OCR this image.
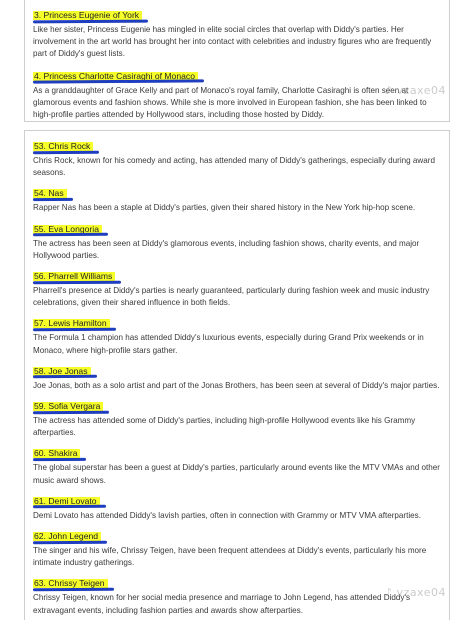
3. Princess Eugenie of York

Like her sister, Princess Eugenie has mingled in elite social circles that overlap with Diddy's parties. Her involvement in the art world has brought her into contact with celebrities and industry figures who are frequently part of Diddy's guest lists.

4. Princess Charlotte Casiraghi of Monaco

As a granddaughter of Grace Kelly and part of Monaco's royal family, Charlotte Casiraghi is often seen at glamorous events and fashion shows. While she is more involved in European fashion, she has been linked to high-profile parties attended by Hollywood stars, including those hosted by Diddy.

53. Chris Rock

Chris Rock, known for his comedy and acting, has attended many of Diddy's gatherings, especially during award seasons.

54. Nas

Rapper Nas has been a staple at Diddy's parties, given their shared history in the New York hip-hop scene.

55. Eva Longoria

The actress has been seen at Diddy's glamorous events, including fashion shows, charity events, and major Hollywood parties.

56. Pharrell Williams

Pharrell's presence at Diddy's parties is nearly guaranteed, particularly during fashion week and music industry celebrations, given their shared influence in both fields.

57. Lewis Hamilton

The Formula 1 champion has attended Diddy's luxurious events, especially during Grand Prix weekends or in Monaco, where high-profile stars gather.

58. Joe Jonas

Joe Jonas, both as a solo artist and part of the Jonas Brothers, has been seen at several of Diddy's major parties.

59. Sofia Vergara

The actress has attended some of Diddy's parties, including high-profile Hollywood events like his Grammy afterparties.

60. Shakira

The global superstar has been a guest at Diddy's parties, particularly around events like the MTV VMAs and other music award shows.

61. Demi Lovato

Demi Lovato has attended Diddy's lavish parties, often in connection with Grammy or MTV VMA afterparties.

62. John Legend

The singer and his wife, Chrissy Teigen, have been frequent attendees at Diddy's events, particularly his more intimate industry gatherings.

63. Chrissy Teigen

Chrissy Teigen, known for her social media presence and marriage to John Legend, has attended Diddy's extravagant events, including fashion parties and awards show afterparties.

♪ vzaxe04
♪ vzaxe04
